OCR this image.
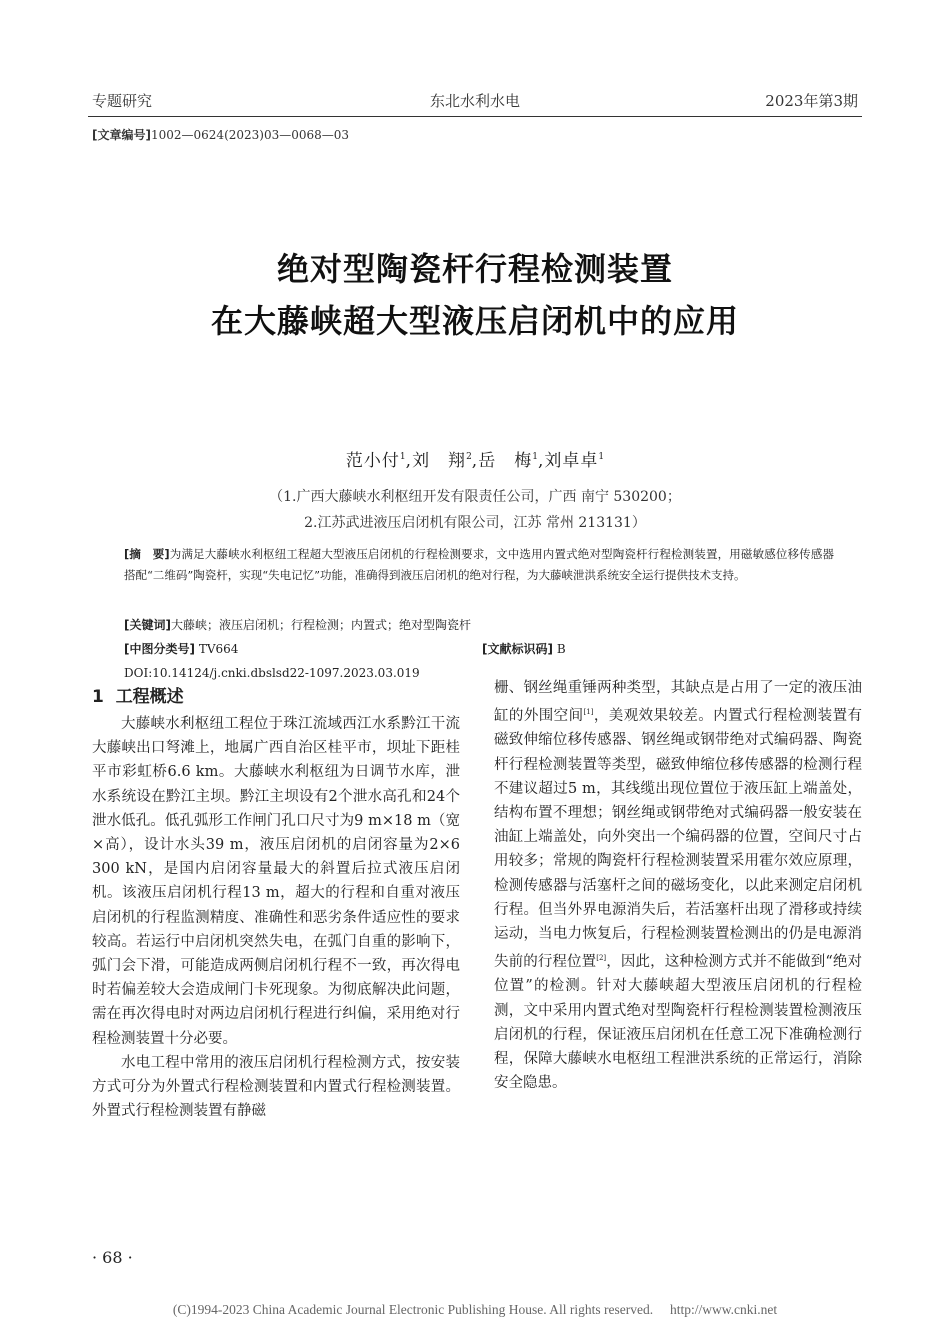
专题研究	东北水利水电	2023年第3期
[文章编号]1002—0624(2023)03—0068—03
绝对型陶瓷杆行程检测装置
在大藤峡超大型液压启闭机中的应用
范小付$^1$,刘　翔$^2$,岳　梅$^1$,刘卓卓$^1$
（1.广西大藤峡水利枢纽开发有限责任公司，广西 南宁 530200；
2.江苏武进液压启闭机有限公司，江苏 常州 213131）
[摘　要]为满足大藤峡水利枢纽工程超大型液压启闭机的行程检测要求，文中选用内置式绝对型陶瓷杆行程检测装置，用磁敏感位移传感器搭配“二维码”陶瓷杆，实现“失电记忆”功能，准确得到液压启闭机的绝对行程，为大藤峡泄洪系统安全运行提供技术支持。
[关键词]大藤峡；液压启闭机；行程检测；内置式；绝对型陶瓷杆
[中图分类号] TV664	[文献标识码] B
DOI:10.14124/j.cnki.dbslsd22-1097.2023.03.019
1 工程概述

大藤峡水利枢纽工程位于珠江流域西江水系黔江干流大藤峡出口弩滩上，地属广西自治区桂平市，坝址下距桂平市彩虹桥6.6 km。大藤峡水利枢纽为日调节水库，泄水系统设在黔江主坝。黔江主坝设有2个泄水高孔和24个泄水低孔。低孔弧形工作闸门孔口尺寸为9 m×18 m（宽×高），设计水头39 m，液压启闭机的启闭容量为2×6 300 kN，是国内启闭容量最大的斜置后拉式液压启闭机。该液压启闭机行程13 m，超大的行程和自重对液压启闭机的行程监测精度、准确性和恶劣条件适应性的要求较高。若运行中启闭机突然失电，在弧门自重的影响下，弧门会下滑，可能造成两侧启闭机行程不一致，再次得电时若偏差较大会造成闸门卡死现象。为彻底解决此问题，需在再次得电时对两边启闭机行程进行纠偏，采用绝对行程检测装置十分必要。

水电工程中常用的液压启闭机行程检测方式，按安装方式可分为外置式行程检测装置和内置式行程检测装置。外置式行程检测装置有静磁

栅、钢丝绳重锤两种类型，其缺点是占用了一定的液压油缸的外围空间[1]，美观效果较差。内置式行程检测装置有磁致伸缩位移传感器、钢丝绳或钢带绝对式编码器、陶瓷杆行程检测装置等类型，磁致伸缩位移传感器的检测行程不建议超过5 m，其线缆出现位置位于液压缸上端盖处，结构布置不理想；钢丝绳或钢带绝对式编码器一般安装在油缸上端盖处，向外突出一个编码器的位置，空间尺寸占用较多；常规的陶瓷杆行程检测装置采用霍尔效应原理，检测传感器与活塞杆之间的磁场变化，以此来测定启闭机行程。但当外界电源消失后，若活塞杆出现了滑移或持续运动，当电力恢复后，行程检测装置检测出的仍是电源消失前的行程位置[2]，因此，这种检测方式并不能做到“绝对位置”的检测。针对大藤峡超大型液压启闭机的行程检测，文中采用内置式绝对型陶瓷杆行程检测装置检测液压启闭机的行程，保证液压启闭机在任意工况下准确检测行程，保障大藤峡水电枢纽工程泄洪系统的正常运行，消除安全隐患。

· 68 ·
(C)1994-2023 China Academic Journal Electronic Publishing House. All rights reserved.　 http://www.cnki.net
